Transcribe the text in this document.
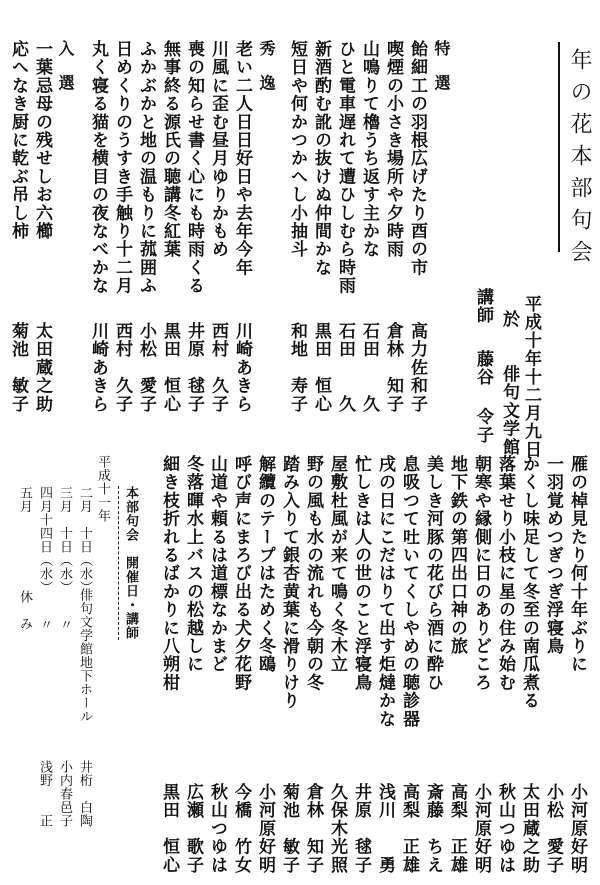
年の花本部句会
平成十年十二月九日
於
俳句文学館
講師
藤谷 令子
高力佐和子
特　選
飴細工の羽根広げたり酉の市
喫煙の小さき場所や夕時雨
山鳴りて櫓うち返す主かな
ひと電車遅れて遭ひしむら時雨
新酒酌む訛の抜けぬ仲間かな
短日や何かつかへし小抽斗
倉林　知子
石田　　久
石田　　久
黒田　恒心
和地　寿子
秀　逸
老い二人日日好日や去年今年
川風に歪む昼月ゆりかもめ
喪の知らせ書く心にも時雨くる
無事終る源氏の聴講冬紅葉
ふかぶかと地の温もりに菰囲ふ
日めくりのうすき手触り十二月
丸く寝る猫を横目の夜なべかな
川崎あきら
西村　久子
井原　毬子
黒田　恒心
小松　愛子
西村　久子
川崎あきら
入　選
一葉忌母の残せしお六櫛
応へなき厨に乾ぶ吊し柿
太田蔵之助
菊池　敏子
雁の棹見たり何十年ぶりに
一羽覚めつぎつぎ浮寝鳥
かくし味足して冬至の南瓜煮る
落葉せり小枝に星の住み始む
朝寒や縁側に日のありどころ
地下鉄の第四出口神の旅
美しき河豚の花びら酒に酔ひ
息吸つて吐いてくしやめの聴診器
戌の日にこだはりて出す炬燵かな
忙しきは人の世のこと浮寝鳥
屋敷杜風が来て鳴く冬木立
野の風も水の流れも今朝の冬
踏み入りて銀杏黄葉に滑りけり
解纜のテープはためく冬鴎
呼び声にまろび出る犬夕花野
山道や頼るは道標なかまど
冬落暉水上バスの松越しに
細き枝折れるばかりに八朔柑
小河原好明
小松　愛子
太田蔵之助
秋山つゆは
小河原好明
高梨　正雄
斎藤　ちえ
高梨　正雄
浅川　　勇
井原　毬子
久保木光照
倉林　知子
菊池　敏子
小河原好明
今橋　竹女
秋山つゆは
広瀬　歌子
黒田　恒心
本部句会　開催日・講師
平成十一年
二月　十日（水）
三月　十日（水）
四月十四日（水）
五月
俳句文学館地下ホール
〃
〃
休　み
井桁　白陶
小内春邑子
浅野　　正
